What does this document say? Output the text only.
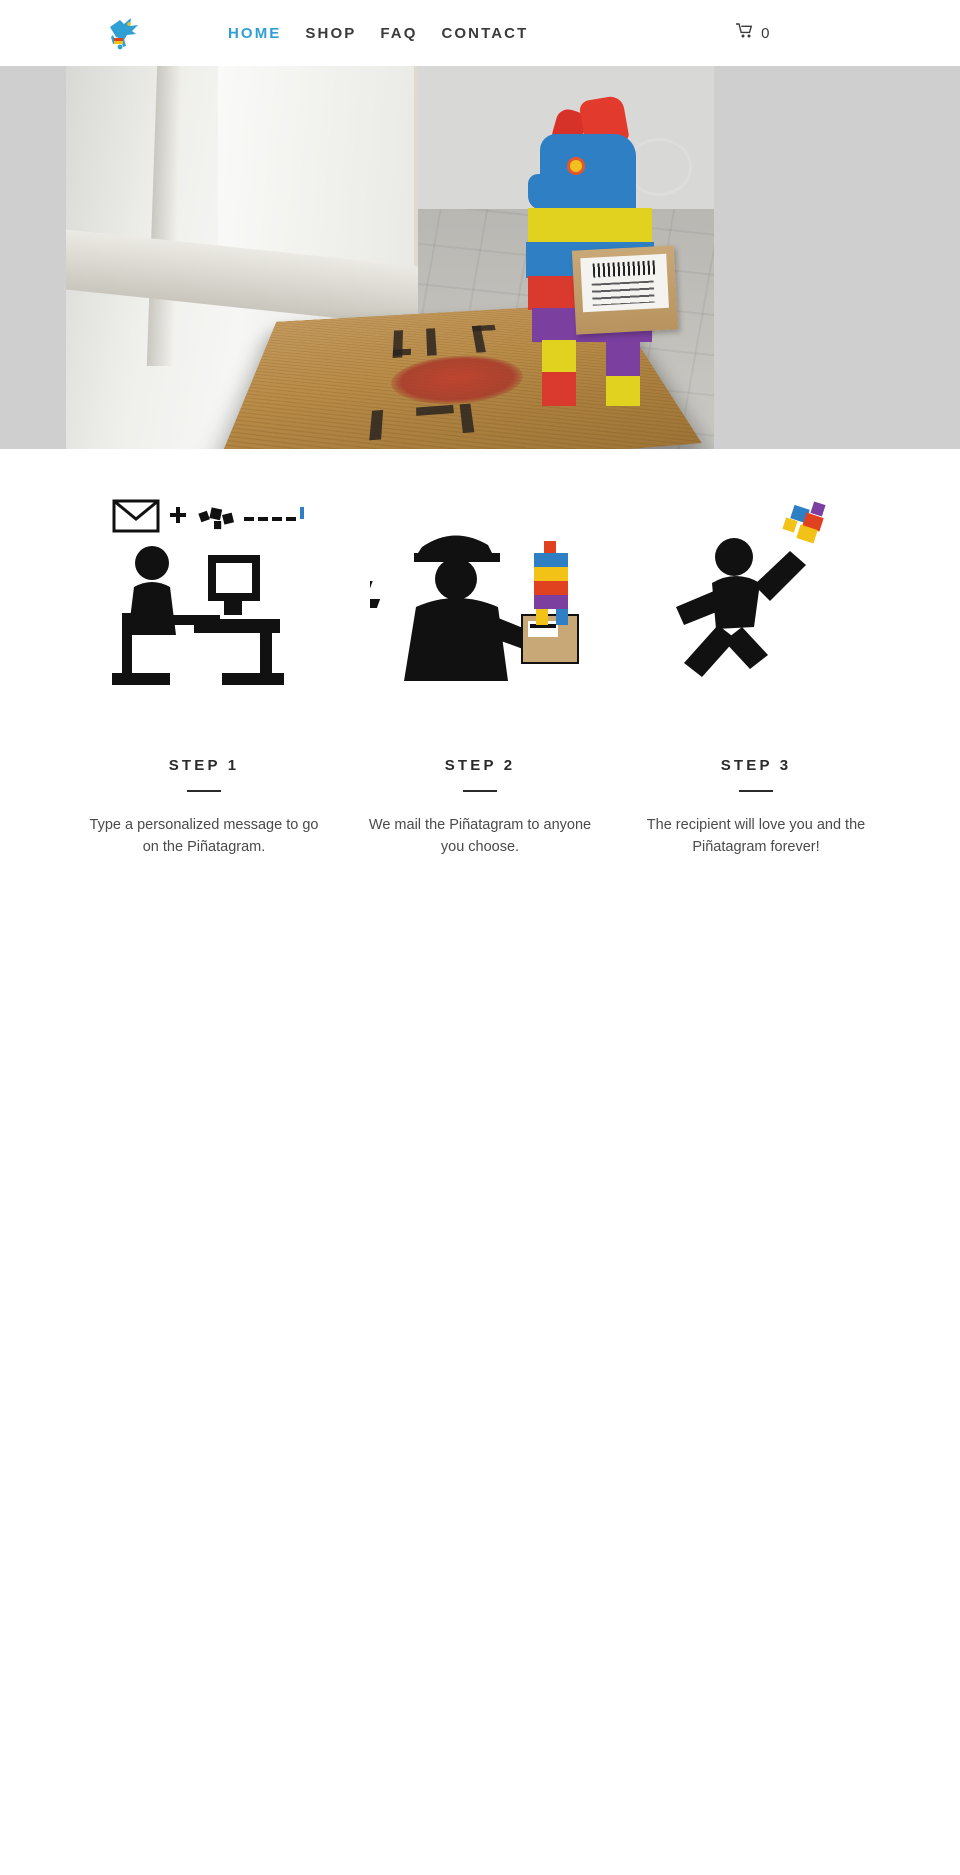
HOME	SHOP	FAQ	CONTACT	0
STEP 1

Type a personalized message to go on the Piñatagram.

STEP 2

We mail the Piñatagram to anyone you choose.

STEP 3

The recipient will love you and the Piñatagram forever!
